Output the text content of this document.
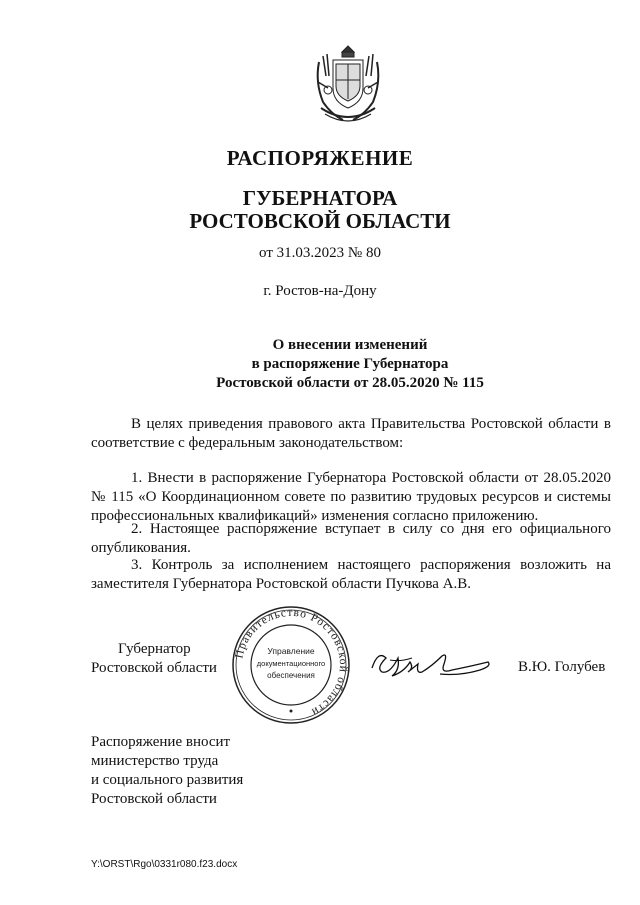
РАСПОРЯЖЕНИЕ
ГУБЕРНАТОРА
РОСТОВСКОЙ ОБЛАСТИ
от 31.03.2023 № 80
г. Ростов-на-Дону
О внесении изменений
в распоряжение Губернатора
Ростовской области от 28.05.2020 № 115
В целях приведения правового акта Правительства Ростовской области в соответствие с федеральным законодательством:
1. Внести в распоряжение Губернатора Ростовской области от 28.05.2020 № 115 «О Координационном совете по развитию трудовых ресурсов и системы профессиональных квалификаций» изменения согласно приложению.
2. Настоящее распоряжение вступает в силу со дня его официального опубликования.
3. Контроль за исполнением настоящего распоряжения возложить на заместителя Губернатора Ростовской области Пучкова А.В.
Губернатор
Ростовской области
Правительство Ростовской области
Управление
документационного
обеспечения
В.Ю. Голубев
Распоряжение вносит
министерство труда
и социального развития
Ростовской области
Y:\ORST\Rgo\0331r080.f23.docx
